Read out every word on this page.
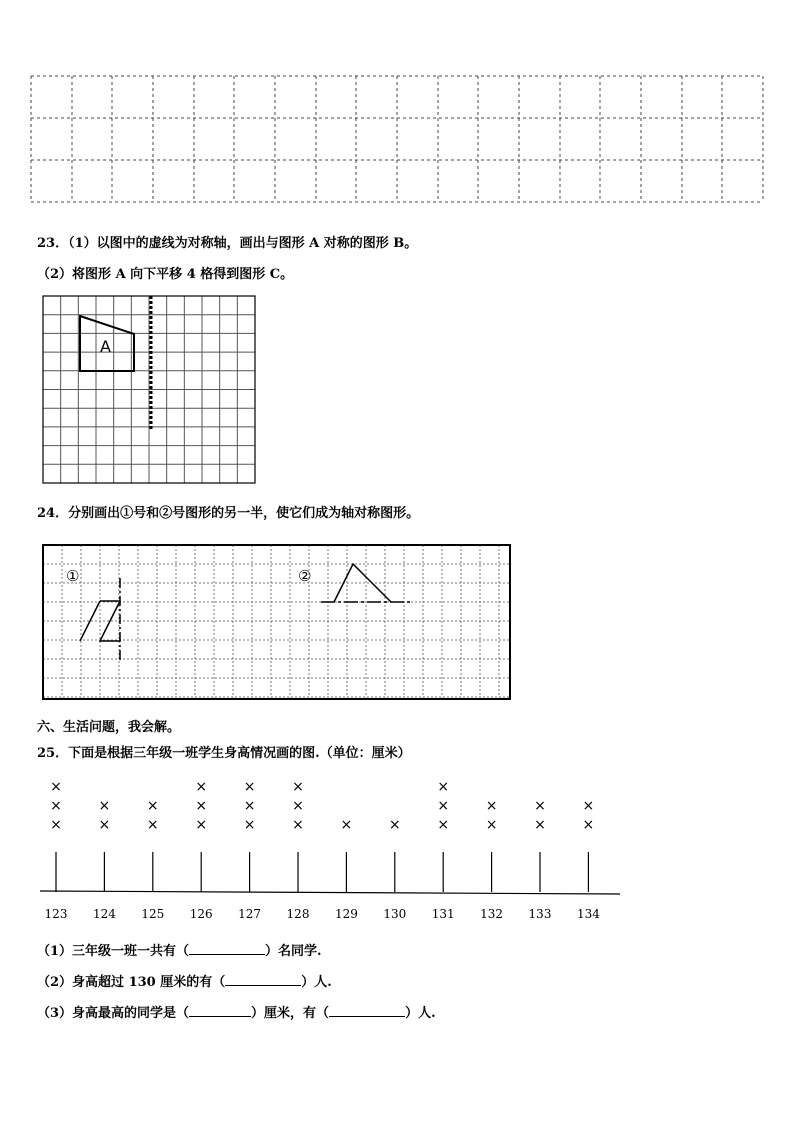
23．（1）以图中的虚线为对称轴，画出与图形 A 对称的图形 B。
（2）将图形 A 向下平移 4 格得到图形 C。
A
24．分别画出①号和②号图形的另一半，使它们成为轴对称图形。
①	②
六、生活问题，我会解。
25．下面是根据三年级一班学生身高情况画的图.（单位：厘米）
123
×
×
×
124
×
×
125
×
×
126
×
×
×
127
×
×
×
128
×
×
×
129
×
130
×
131
×
×
×
132
×
×
133
×
×
134
×
×
（1）三年级一班一共有（	）名同学.
（2）身高超过 130 厘米的有（	）人.
（3）身高最高的同学是（	）厘米，有（	）人.
